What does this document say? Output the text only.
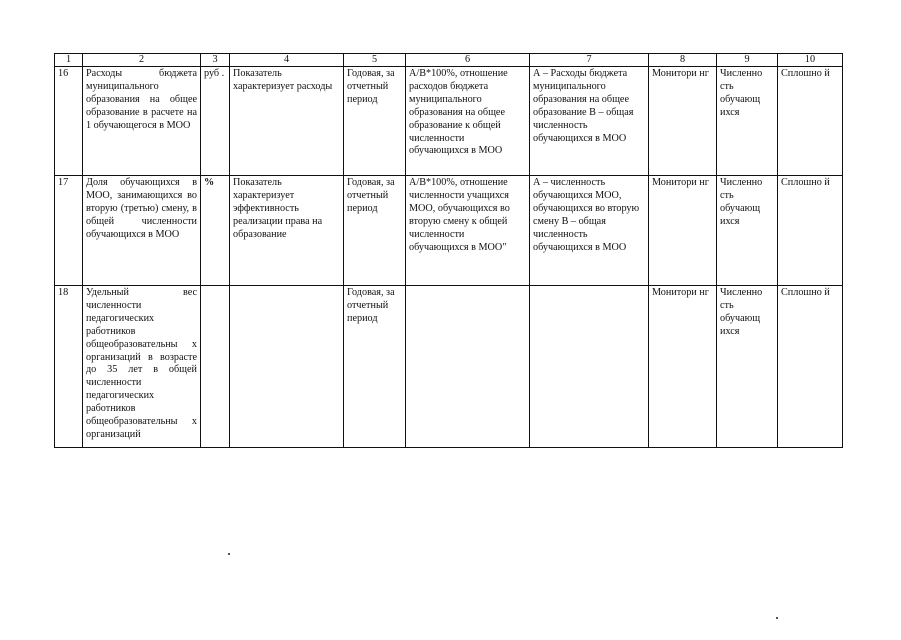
1	2	3	4	5	6	7	8	9	10
16	Расходы бюджета муниципального образования на общее образование в расчете на 1 обучающегося в МОО	руб .	Показатель характеризует расходы	Годовая, за отчетный период	A/B*100%, отношение расходов бюджета муниципального образования на общее образование к общей численности обучающихся в МОО	А – Расходы бюджета муниципального образования на общее образование В – общая численность обучающихся в МОО	Монитори нг	Численно сть обучающ ихся	Сплошно й
17	Доля обучающихся в МОО, занимающихся во вторую (третью) смену, в общей численности обучающихся в МОО	%	Показатель характеризует эффективность реализации права на образование	Годовая, за отчетный период	A/B*100%, отношение численности учащихся МОО, обучающихся во вторую смену к общей численности обучающихся в МОО"	А – численность обучающихся МОО, обучающихся во вторую смену В – общая численность обучающихся в МОО	Монитори нг	Численно сть обучающ ихся	Сплошно й
18	Удельный вес численности педагогических работников общеобразовательны х организаций в возрасте до 35 лет в общей численности педагогических работников общеобразовательны х организаций			Годовая, за отчетный период			Монитори нг	Численно сть обучающ ихся	Сплошно й
